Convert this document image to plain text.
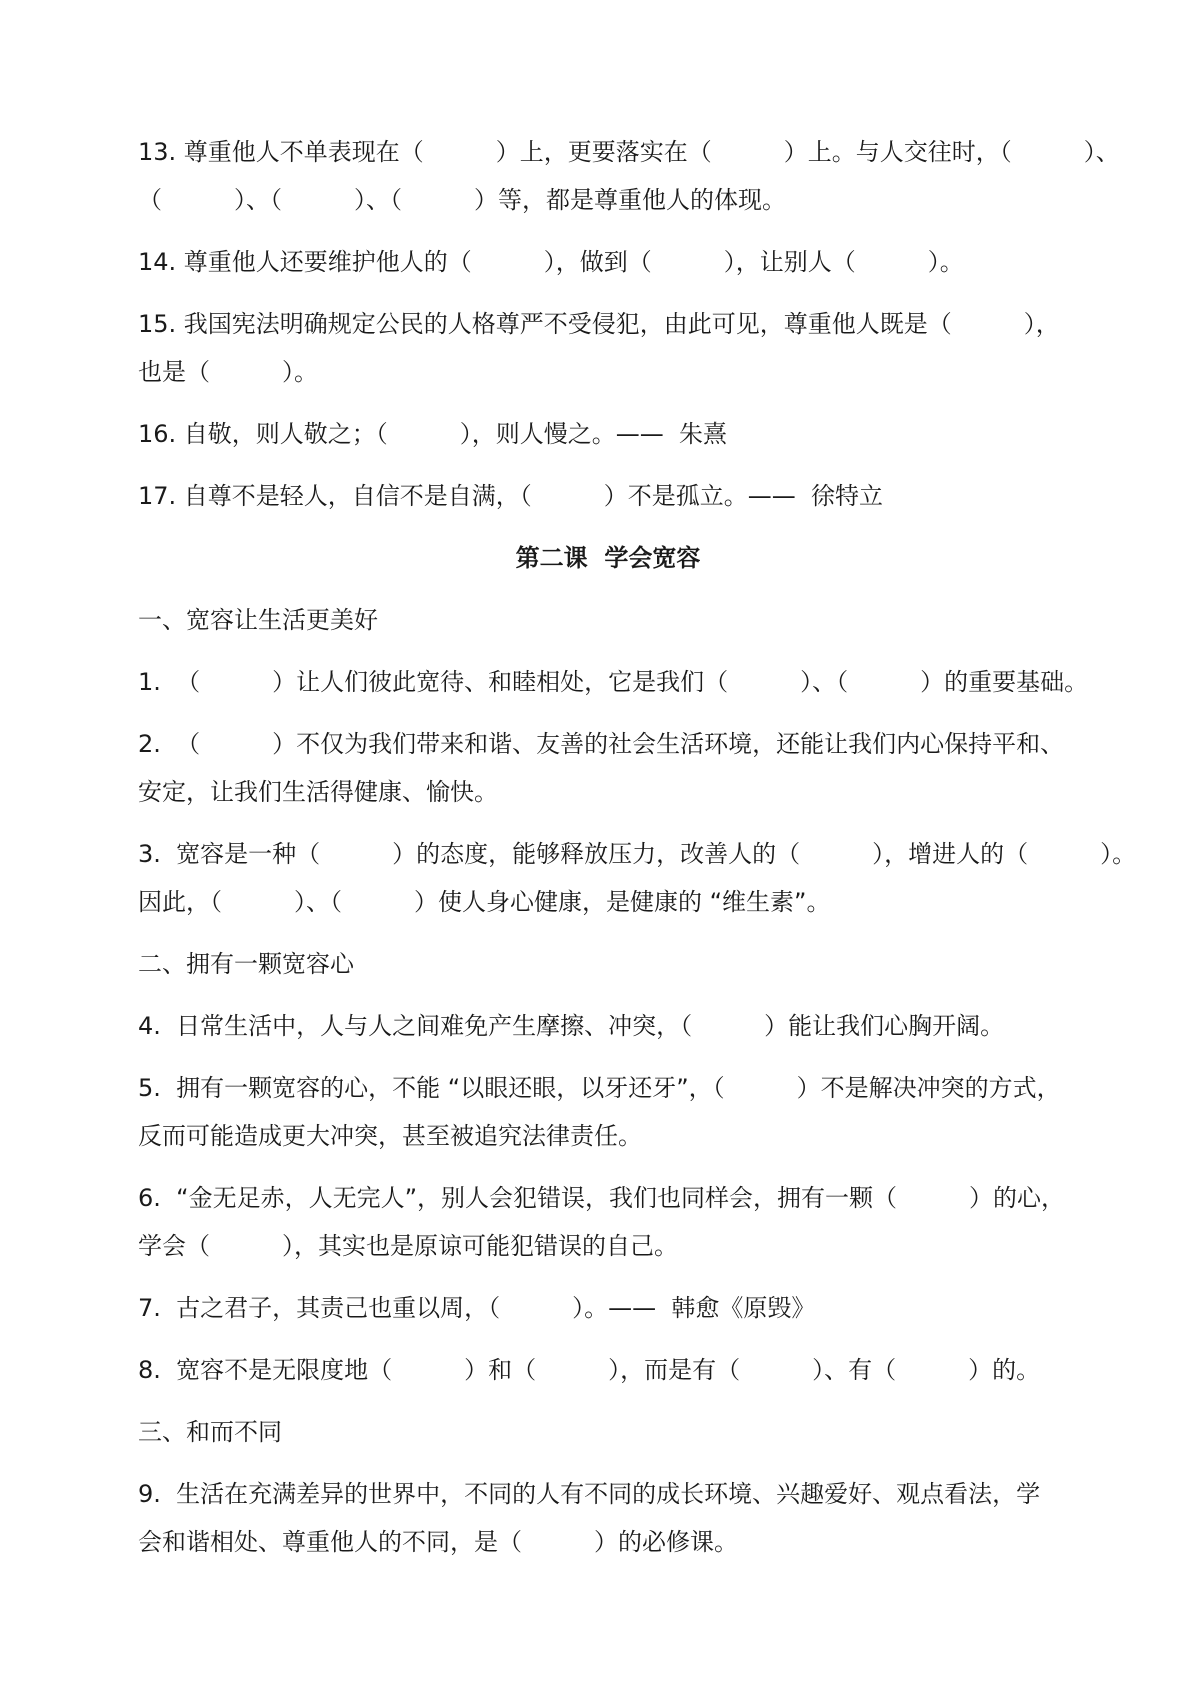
13. 尊重他人不单表现在（　　　）上，更要落实在（　　　）上。与人交往时，（　　　）、
（　　　）、（　　　）、（　　　）等，都是尊重他人的体现。
14. 尊重他人还要维护他人的（　　　），做到（　　　），让别人（　　　）。
15. 我国宪法明确规定公民的人格尊严不受侵犯，由此可见，尊重他人既是（　　　），
也是（　　　）。
16. 自敬，则人敬之；（　　　），则人慢之。——  朱熹
17. 自尊不是轻人，自信不是自满，（　　　）不是孤立。——  徐特立
第二课  学会宽容
一、宽容让生活更美好
1.  （　　　）让人们彼此宽待、和睦相处，它是我们（　　　）、（　　　）的重要基础。
2.  （　　　）不仅为我们带来和谐、友善的社会生活环境，还能让我们内心保持平和、
安定，让我们生活得健康、愉快。
3.  宽容是一种（　　　）的态度，能够释放压力，改善人的（　　　），增进人的（　　　）。
因此，（　　　）、（　　　）使人身心健康，是健康的 “维生素”。
二、拥有一颗宽容心
4.  日常生活中，人与人之间难免产生摩擦、冲突，（　　　）能让我们心胸开阔。
5.  拥有一颗宽容的心，不能 “以眼还眼，以牙还牙”，（　　　）不是解决冲突的方式，
反而可能造成更大冲突，甚至被追究法律责任。
6.  “金无足赤，人无完人”，别人会犯错误，我们也同样会，拥有一颗（　　　）的心，
学会（　　　），其实也是原谅可能犯错误的自己。
7.  古之君子，其责己也重以周，（　　　）。——  韩愈《原毁》
8.  宽容不是无限度地（　　　）和（　　　），而是有（　　　）、有（　　　）的。
三、和而不同
9.  生活在充满差异的世界中，不同的人有不同的成长环境、兴趣爱好、观点看法，学
会和谐相处、尊重他人的不同，是（　　　）的必修课。
